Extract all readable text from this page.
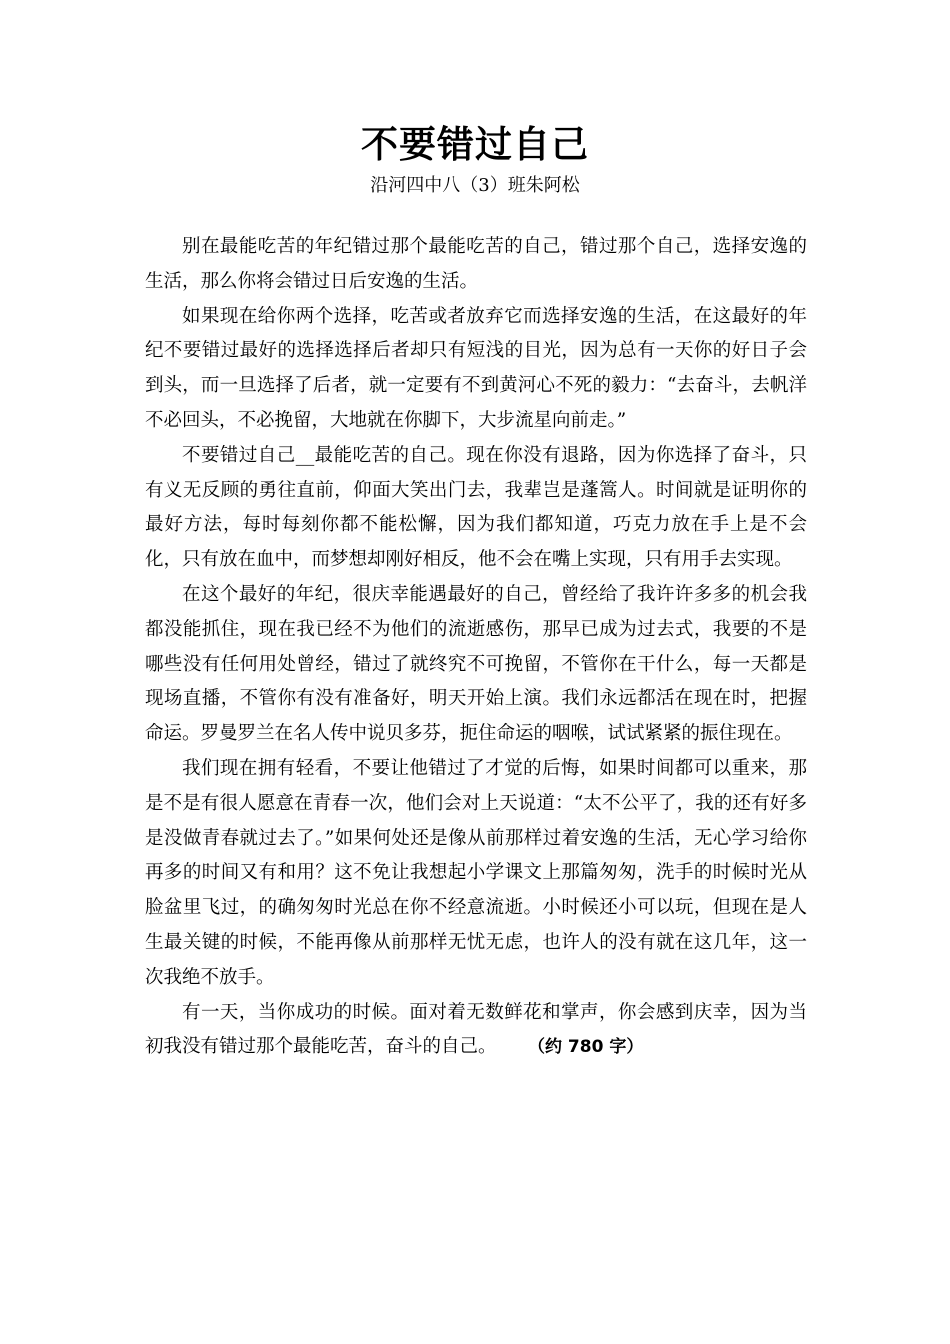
不要错过自己
沿河四中八（3）班朱阿松

别在最能吃苦的年纪错过那个最能吃苦的自己，错过那个自己，选择安逸的生活，那么你将会错过日后安逸的生活。

如果现在给你两个选择，吃苦或者放弃它而选择安逸的生活，在这最好的年纪不要错过最好的选择选择后者却只有短浅的目光，因为总有一天你的好日子会到头，而一旦选择了后者，就一定要有不到黄河心不死的毅力：“去奋斗，去帆洋不必回头，不必挽留，大地就在你脚下，大步流星向前走。”

不要错过自己__最能吃苦的自己。现在你没有退路，因为你选择了奋斗，只有义无反顾的勇往直前，仰面大笑出门去，我辈岂是蓬篙人。时间就是证明你的最好方法，每时每刻你都不能松懈，因为我们都知道，巧克力放在手上是不会化，只有放在血中，而梦想却刚好相反，他不会在嘴上实现，只有用手去实现。

在这个最好的年纪，很庆幸能遇最好的自己，曾经给了我许许多多的机会我都没能抓住，现在我已经不为他们的流逝感伤，那早已成为过去式，我要的不是哪些没有任何用处曾经，错过了就终究不可挽留，不管你在干什么，每一天都是现场直播，不管你有没有准备好，明天开始上演。我们永远都活在现在时，把握命运。罗曼罗兰在名人传中说贝多芬，扼住命运的咽喉，试试紧紧的振住现在。

我们现在拥有轻看，不要让他错过了才觉的后悔，如果时间都可以重来，那是不是有很人愿意在青春一次，他们会对上天说道：“太不公平了，我的还有好多是没做青春就过去了。”如果何处还是像从前那样过着安逸的生活，无心学习给你再多的时间又有和用？这不免让我想起小学课文上那篇匆匆，洗手的时候时光从脸盆里飞过，的确匆匆时光总在你不经意流逝。小时候还小可以玩，但现在是人生最关键的时候，不能再像从前那样无忧无虑，也许人的没有就在这几年，这一次我绝不放手。

有一天，当你成功的时候。面对着无数鲜花和掌声，你会感到庆幸，因为当初我没有错过那个最能吃苦，奋斗的自己。 （约 780 字）
